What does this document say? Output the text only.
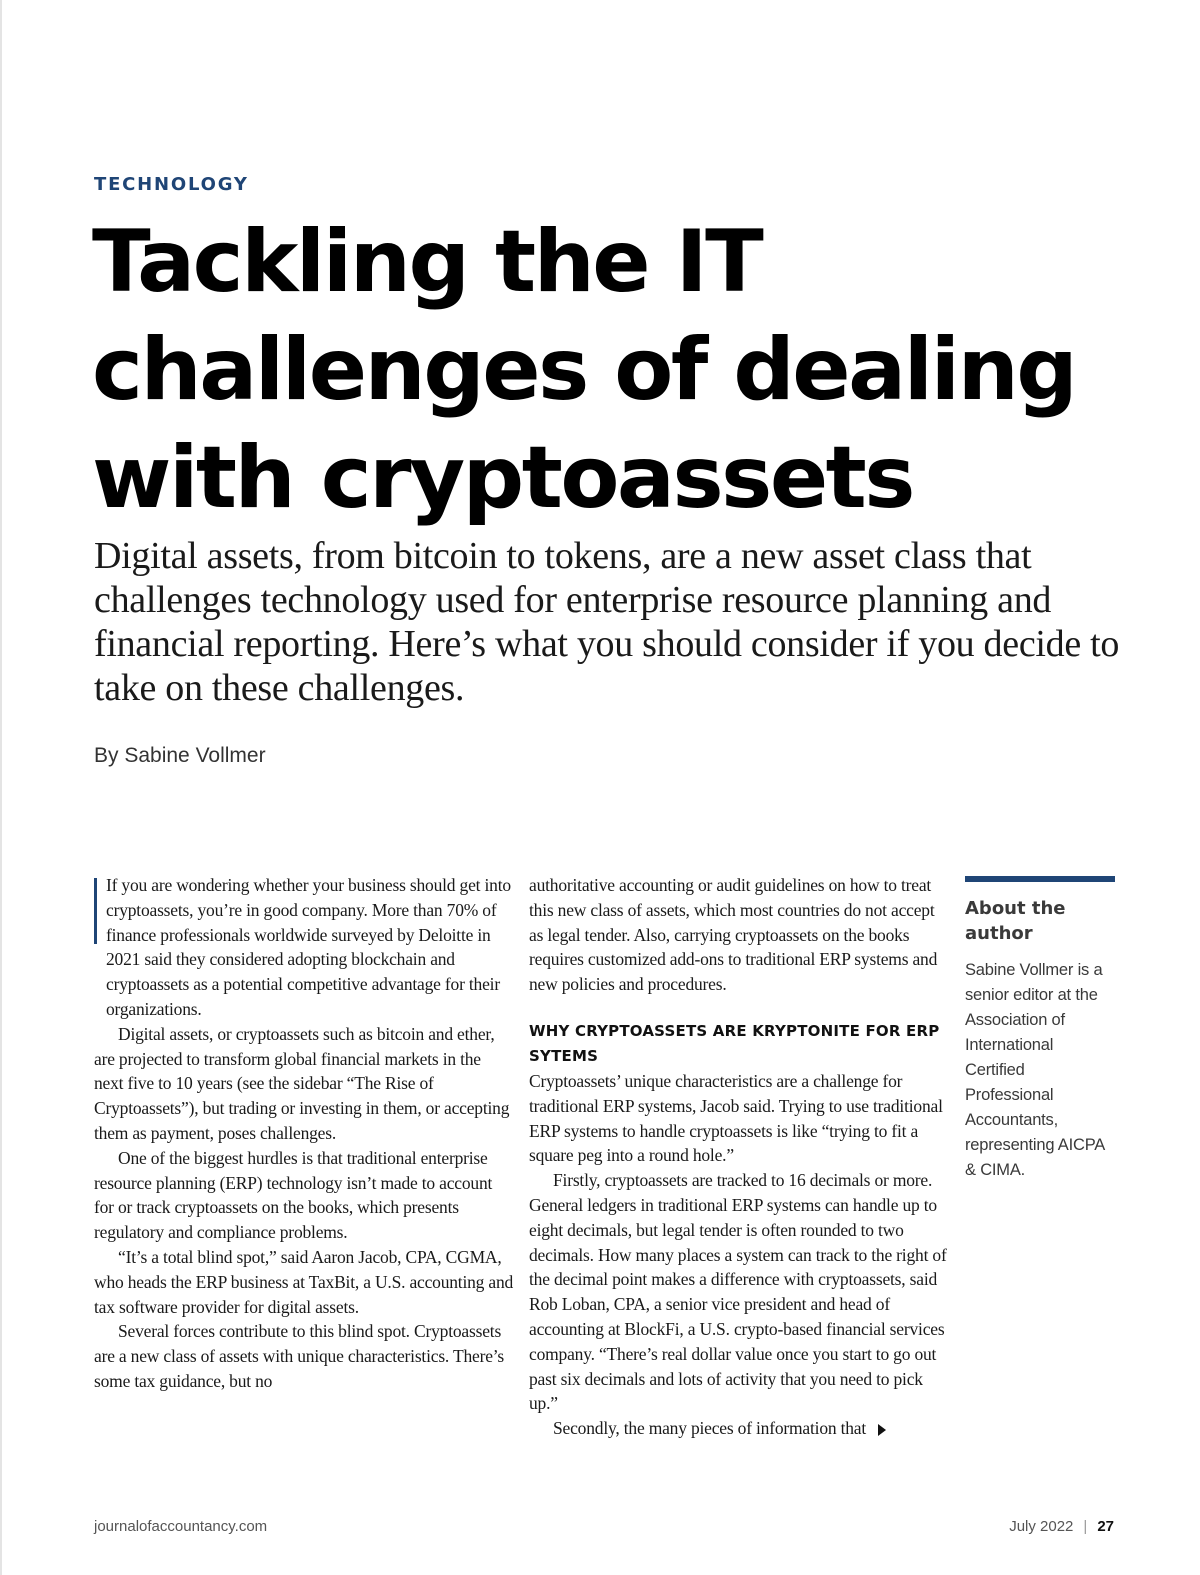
TECHNOLOGY
Tackling the IT challenges of dealing with cryptoassets

Digital assets, from bitcoin to tokens, are a new asset class that challenges technology used for enterprise resource planning and financial reporting. Here’s what you should consider if you decide to take on these challenges.

By Sabine Vollmer

If you are wondering whether your business should get into cryptoassets, you’re in good company. More than 70% of finance professionals worldwide surveyed by Deloitte in 2021 said they considered adopting blockchain and cryptoassets as a potential competitive advantage for their organizations.

Digital assets, or cryptoassets such as bitcoin and ether, are projected to transform global financial markets in the next five to 10 years (see the sidebar “The Rise of Cryptoassets”), but trading or investing in them, or accepting them as payment, poses challenges.

One of the biggest hurdles is that traditional enterprise resource planning (ERP) technology isn’t made to account for or track cryptoassets on the books, which presents regulatory and compliance problems.

“It’s a total blind spot,” said Aaron Jacob, CPA, CGMA, who heads the ERP business at TaxBit, a U.S. accounting and tax software provider for digital assets.

Several forces contribute to this blind spot. Cryptoassets are a new class of assets with unique characteristics. There’s some tax guidance, but no

authoritative accounting or audit guidelines on how to treat this new class of assets, which most countries do not accept as legal tender. Also, carrying cryptoassets on the books requires customized add-ons to traditional ERP systems and new policies and procedures.

WHY CRYPTOASSETS ARE KRYPTONITE FOR ERP SYTEMS

Cryptoassets’ unique characteristics are a challenge for traditional ERP systems, Jacob said. Trying to use traditional ERP systems to handle cryptoassets is like “trying to fit a square peg into a round hole.”

Firstly, cryptoassets are tracked to 16 decimals or more. General ledgers in traditional ERP systems can handle up to eight decimals, but legal tender is often rounded to two decimals. How many places a system can track to the right of the decimal point makes a difference with cryptoassets, said Rob Loban, CPA, a senior vice president and head of accounting at BlockFi, a U.S. crypto-based financial services company. “There’s real dollar value once you start to go out past six decimals and lots of activity that you need to pick up.”

Secondly, the many pieces of information that

About the author
Sabine Vollmer is a senior editor at the Association of International Certified Professional Accountants, representing AICPA & CIMA.
journalofaccountancy.com	July 2022 | 27
